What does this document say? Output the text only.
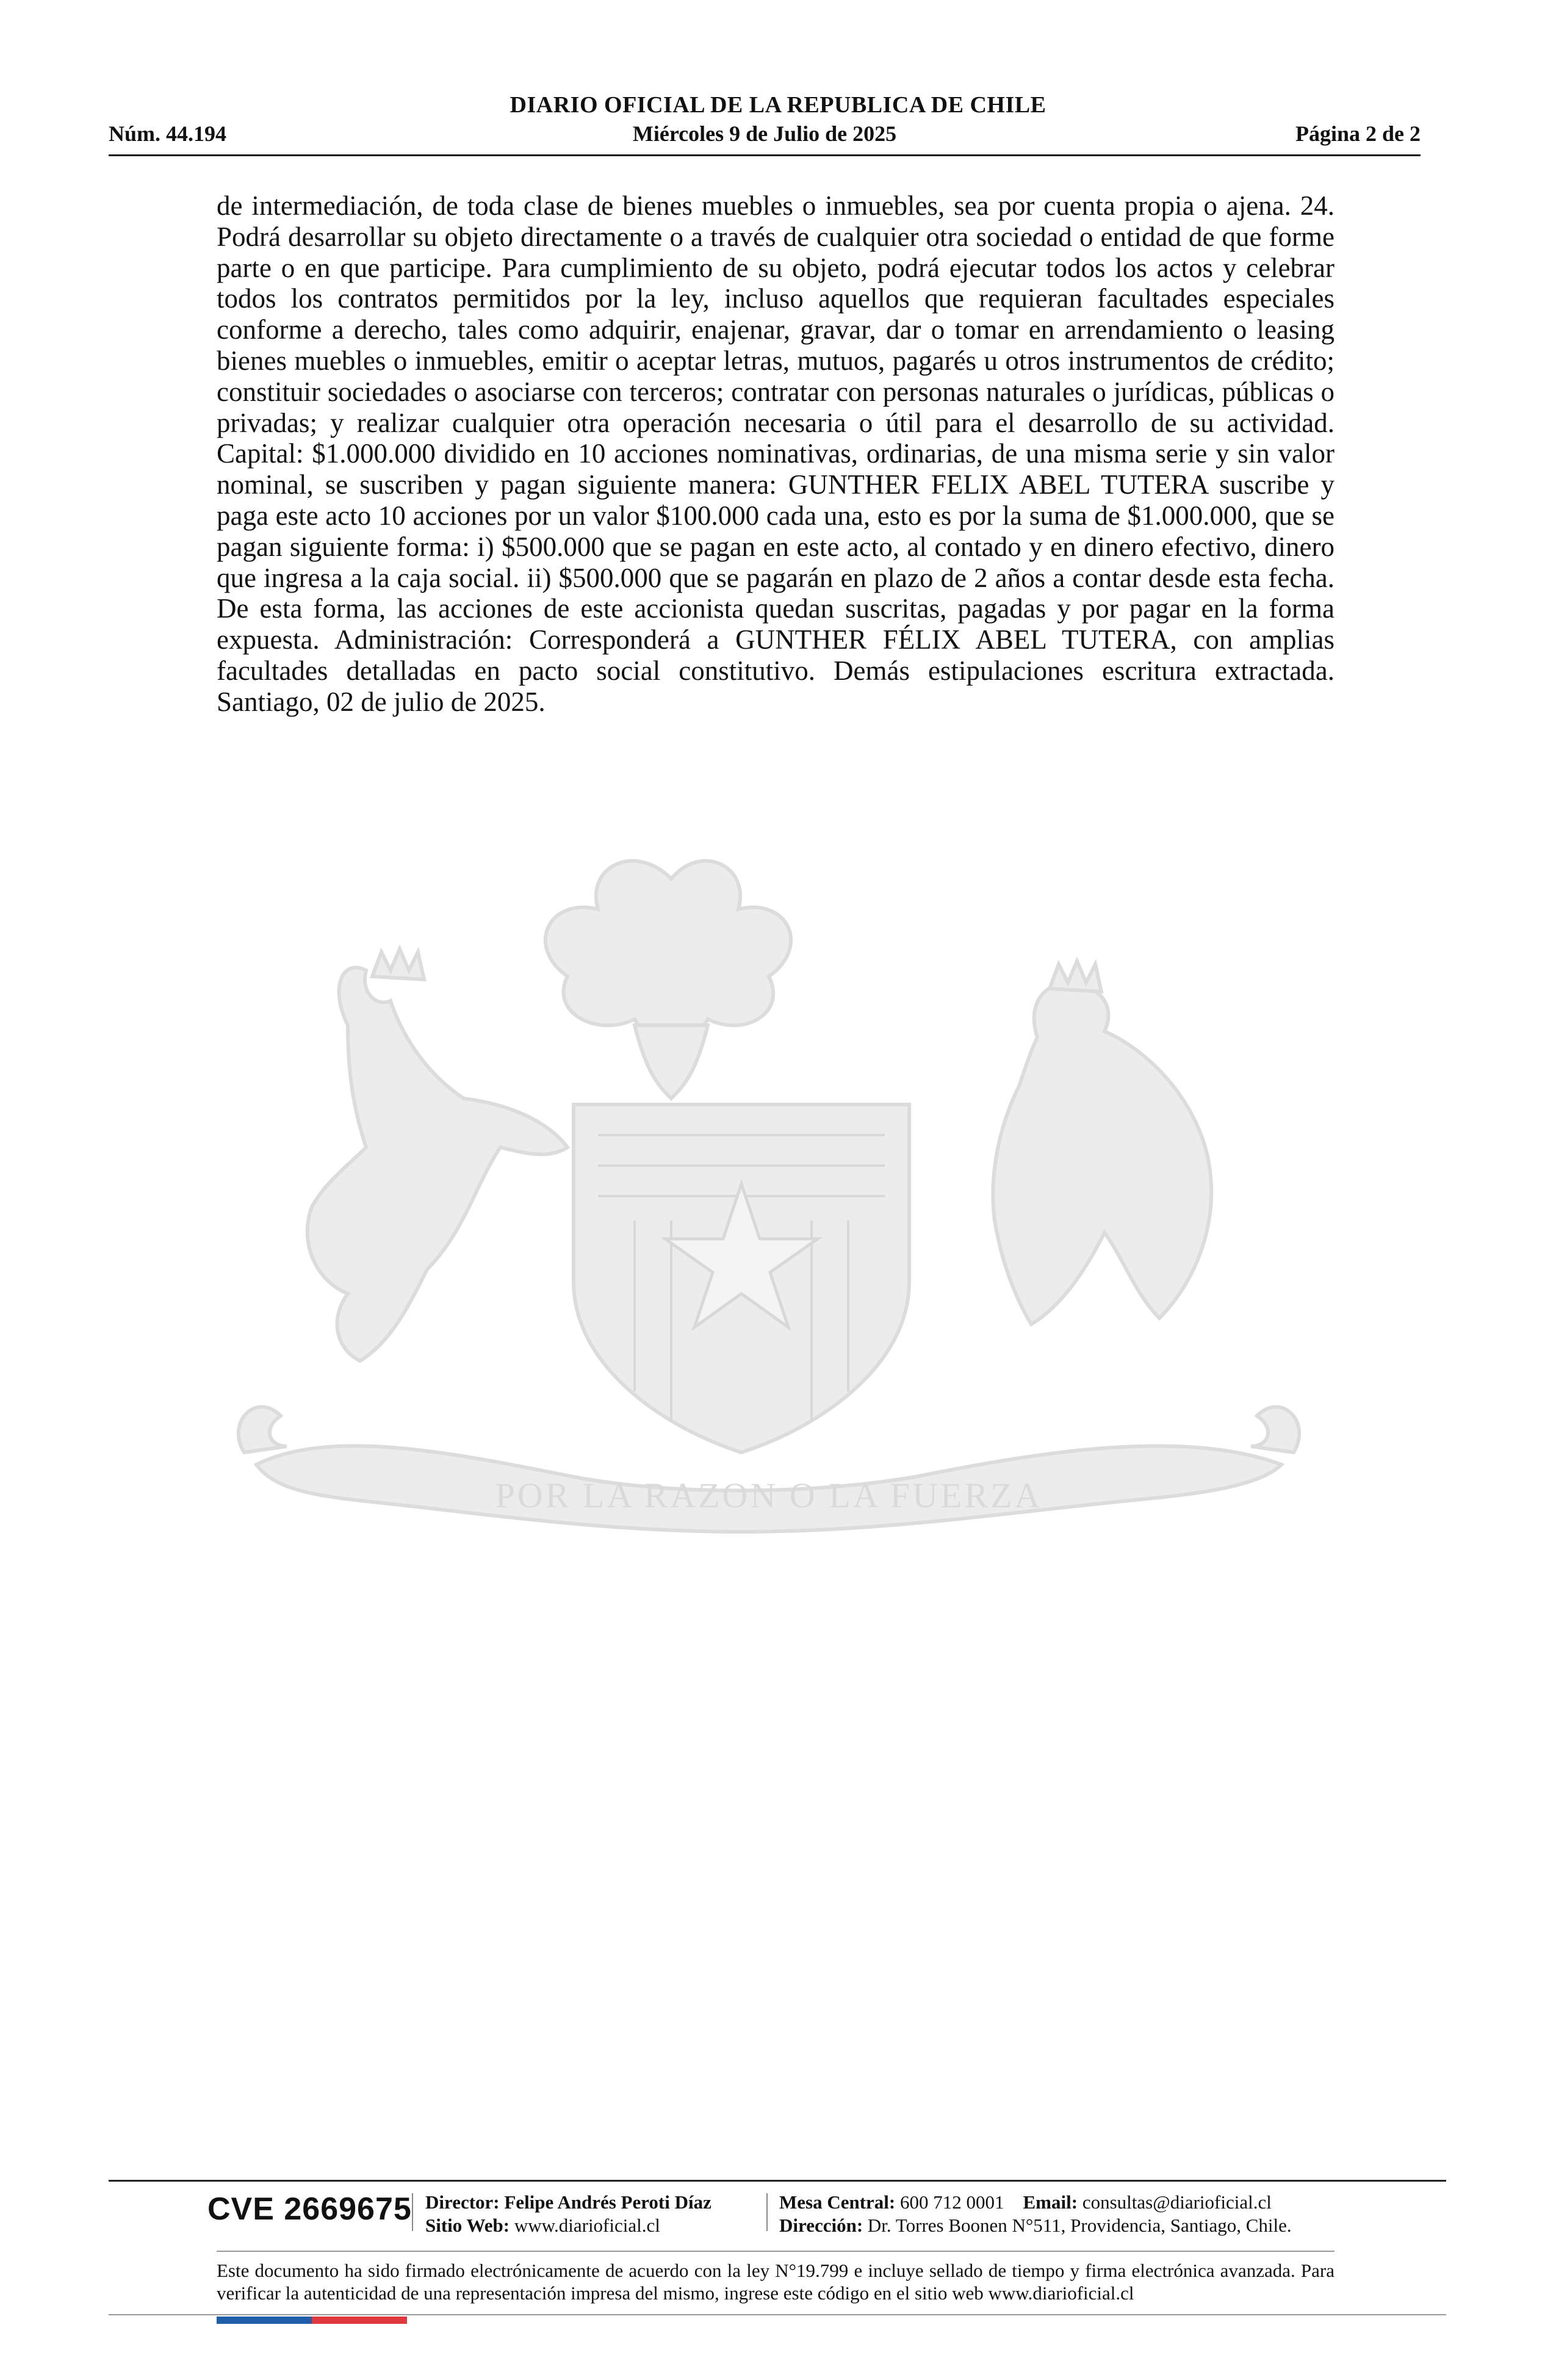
DIARIO OFICIAL DE LA REPUBLICA DE CHILE
Núm. 44.194	Miércoles 9 de Julio de 2025	Página 2 de 2
POR LA RAZON O LA FUERZA

de intermediación, de toda clase de bienes muebles o inmuebles, sea por cuenta propia o ajena. 24. Podrá desarrollar su objeto directamente o a través de cualquier otra sociedad o entidad de que forme parte o en que participe. Para cumplimiento de su objeto, podrá ejecutar todos los actos y celebrar todos los contratos permitidos por la ley, incluso aquellos que requieran facultades especiales conforme a derecho, tales como adquirir, enajenar, gravar, dar o tomar en arrendamiento o leasing bienes muebles o inmuebles, emitir o aceptar letras, mutuos, pagarés u otros instrumentos de crédito; constituir sociedades o asociarse con terceros; contratar con personas naturales o jurídicas, públicas o privadas; y realizar cualquier otra operación necesaria o útil para el desarrollo de su actividad. Capital: $1.000.000 dividido en 10 acciones nominativas, ordinarias, de una misma serie y sin valor nominal, se suscriben y pagan siguiente manera: GUNTHER FELIX ABEL TUTERA suscribe y paga este acto 10 acciones por un valor $100.000 cada una, esto es por la suma de $1.000.000, que se pagan siguiente forma: i) $500.000 que se pagan en este acto, al contado y en dinero efectivo, dinero que ingresa a la caja social. ii) $500.000 que se pagarán en plazo de 2 años a contar desde esta fecha. De esta forma, las acciones de este accionista quedan suscritas, pagadas y por pagar en la forma expuesta. Administración: Corresponderá a GUNTHER FÉLIX ABEL TUTERA, con amplias facultades detalladas en pacto social constitutivo. Demás estipulaciones escritura extractada. Santiago, 02 de julio de 2025.

CVE 2669675 Director: Felipe Andrés Peroti Díaz
Sitio Web: www.diarioficial.cl
Mesa Central: 600 712 0001 Email: consultas@diarioficial.cl
Dirección: Dr. Torres Boonen N°511, Providencia, Santiago, Chile.
Este documento ha sido firmado electrónicamente de acuerdo con la ley N°19.799 e incluye sellado de tiempo y firma electrónica avanzada. Para verificar la autenticidad de una representación impresa del mismo, ingrese este código en el sitio web www.diarioficial.cl
